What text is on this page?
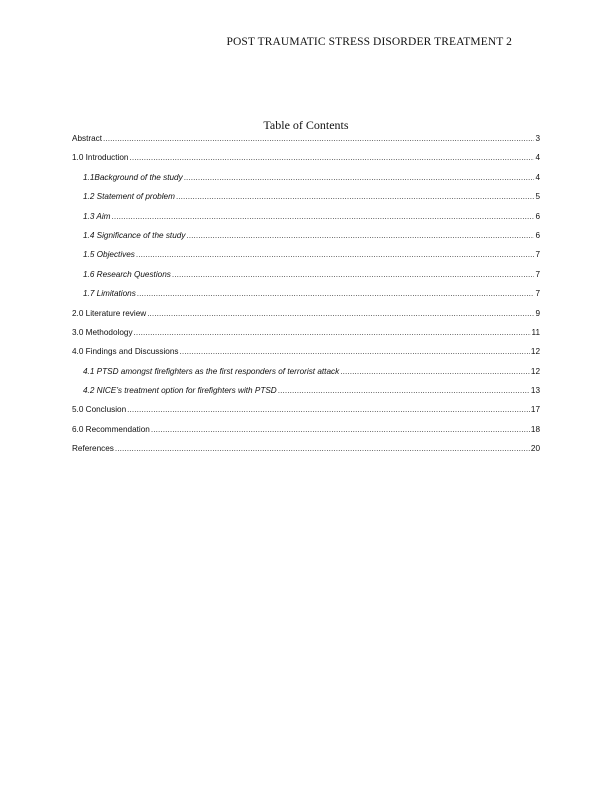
POST TRAUMATIC STRESS DISORDER TREATMENT 2
Table of Contents
Abstract .....	3
1.0 Introduction .....	4
1.1Background of the study .....	4
1.2 Statement of problem .....	5
1.3 Aim .....	6
1.4 Significance of the study .....	6
1.5 Objectives .....	7
1.6 Research Questions .....	7
1.7 Limitations .....	7
2.0 Literature review .....	9
3.0 Methodology .....	11
4.0 Findings and Discussions .....	12
4.1 PTSD amongst firefighters as the first responders of terrorist attack .....	12
4.2 NICE’s treatment option for firefighters with PTSD .....	13
5.0 Conclusion .....	17
6.0 Recommendation .....	18
References .....	20
